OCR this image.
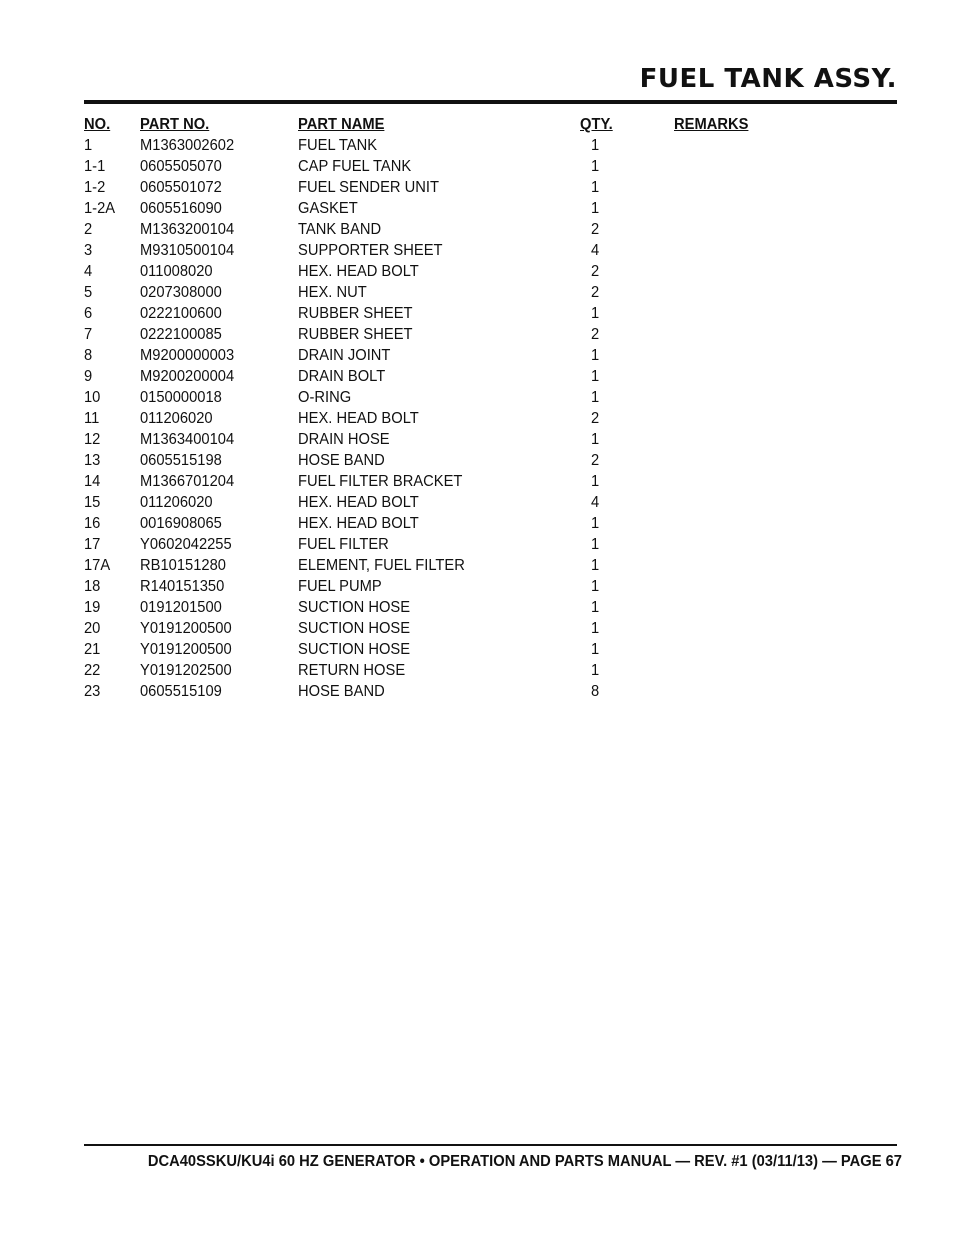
FUEL TANK ASSY.
NO.	PART NO.	PART NAME	QTY.	REMARKS
1	M1363002602	FUEL TANK	1	
1-1	0605505070	CAP FUEL TANK	1	
1-2	0605501072	FUEL SENDER UNIT	1	
1-2A	0605516090	GASKET	1	
2	M1363200104	TANK BAND	2	
3	M9310500104	SUPPORTER SHEET	4	
4	011008020	HEX. HEAD BOLT	2	
5	0207308000	HEX. NUT	2	
6	0222100600	RUBBER SHEET	1	
7	0222100085	RUBBER SHEET	2	
8	M9200000003	DRAIN JOINT	1	
9	M9200200004	DRAIN BOLT	1	
10	0150000018	O-RING	1	
11	011206020	HEX. HEAD BOLT	2	
12	M1363400104	DRAIN HOSE	1	
13	0605515198	HOSE BAND	2	
14	M1366701204	FUEL FILTER BRACKET	1	
15	011206020	HEX. HEAD BOLT	4	
16	0016908065	HEX. HEAD BOLT	1	
17	Y0602042255	FUEL FILTER	1	
17A	RB10151280	ELEMENT, FUEL FILTER	1	
18	R140151350	FUEL PUMP	1	
19	0191201500	SUCTION HOSE	1	
20	Y0191200500	SUCTION HOSE	1	
21	Y0191200500	SUCTION HOSE	1	
22	Y0191202500	RETURN HOSE	1	
23	0605515109	HOSE BAND	8	
DCA40SSKU/KU4i 60 HZ GENERATOR • OPERATION AND PARTS MANUAL — REV. #1 (03/11/13) — PAGE 67
